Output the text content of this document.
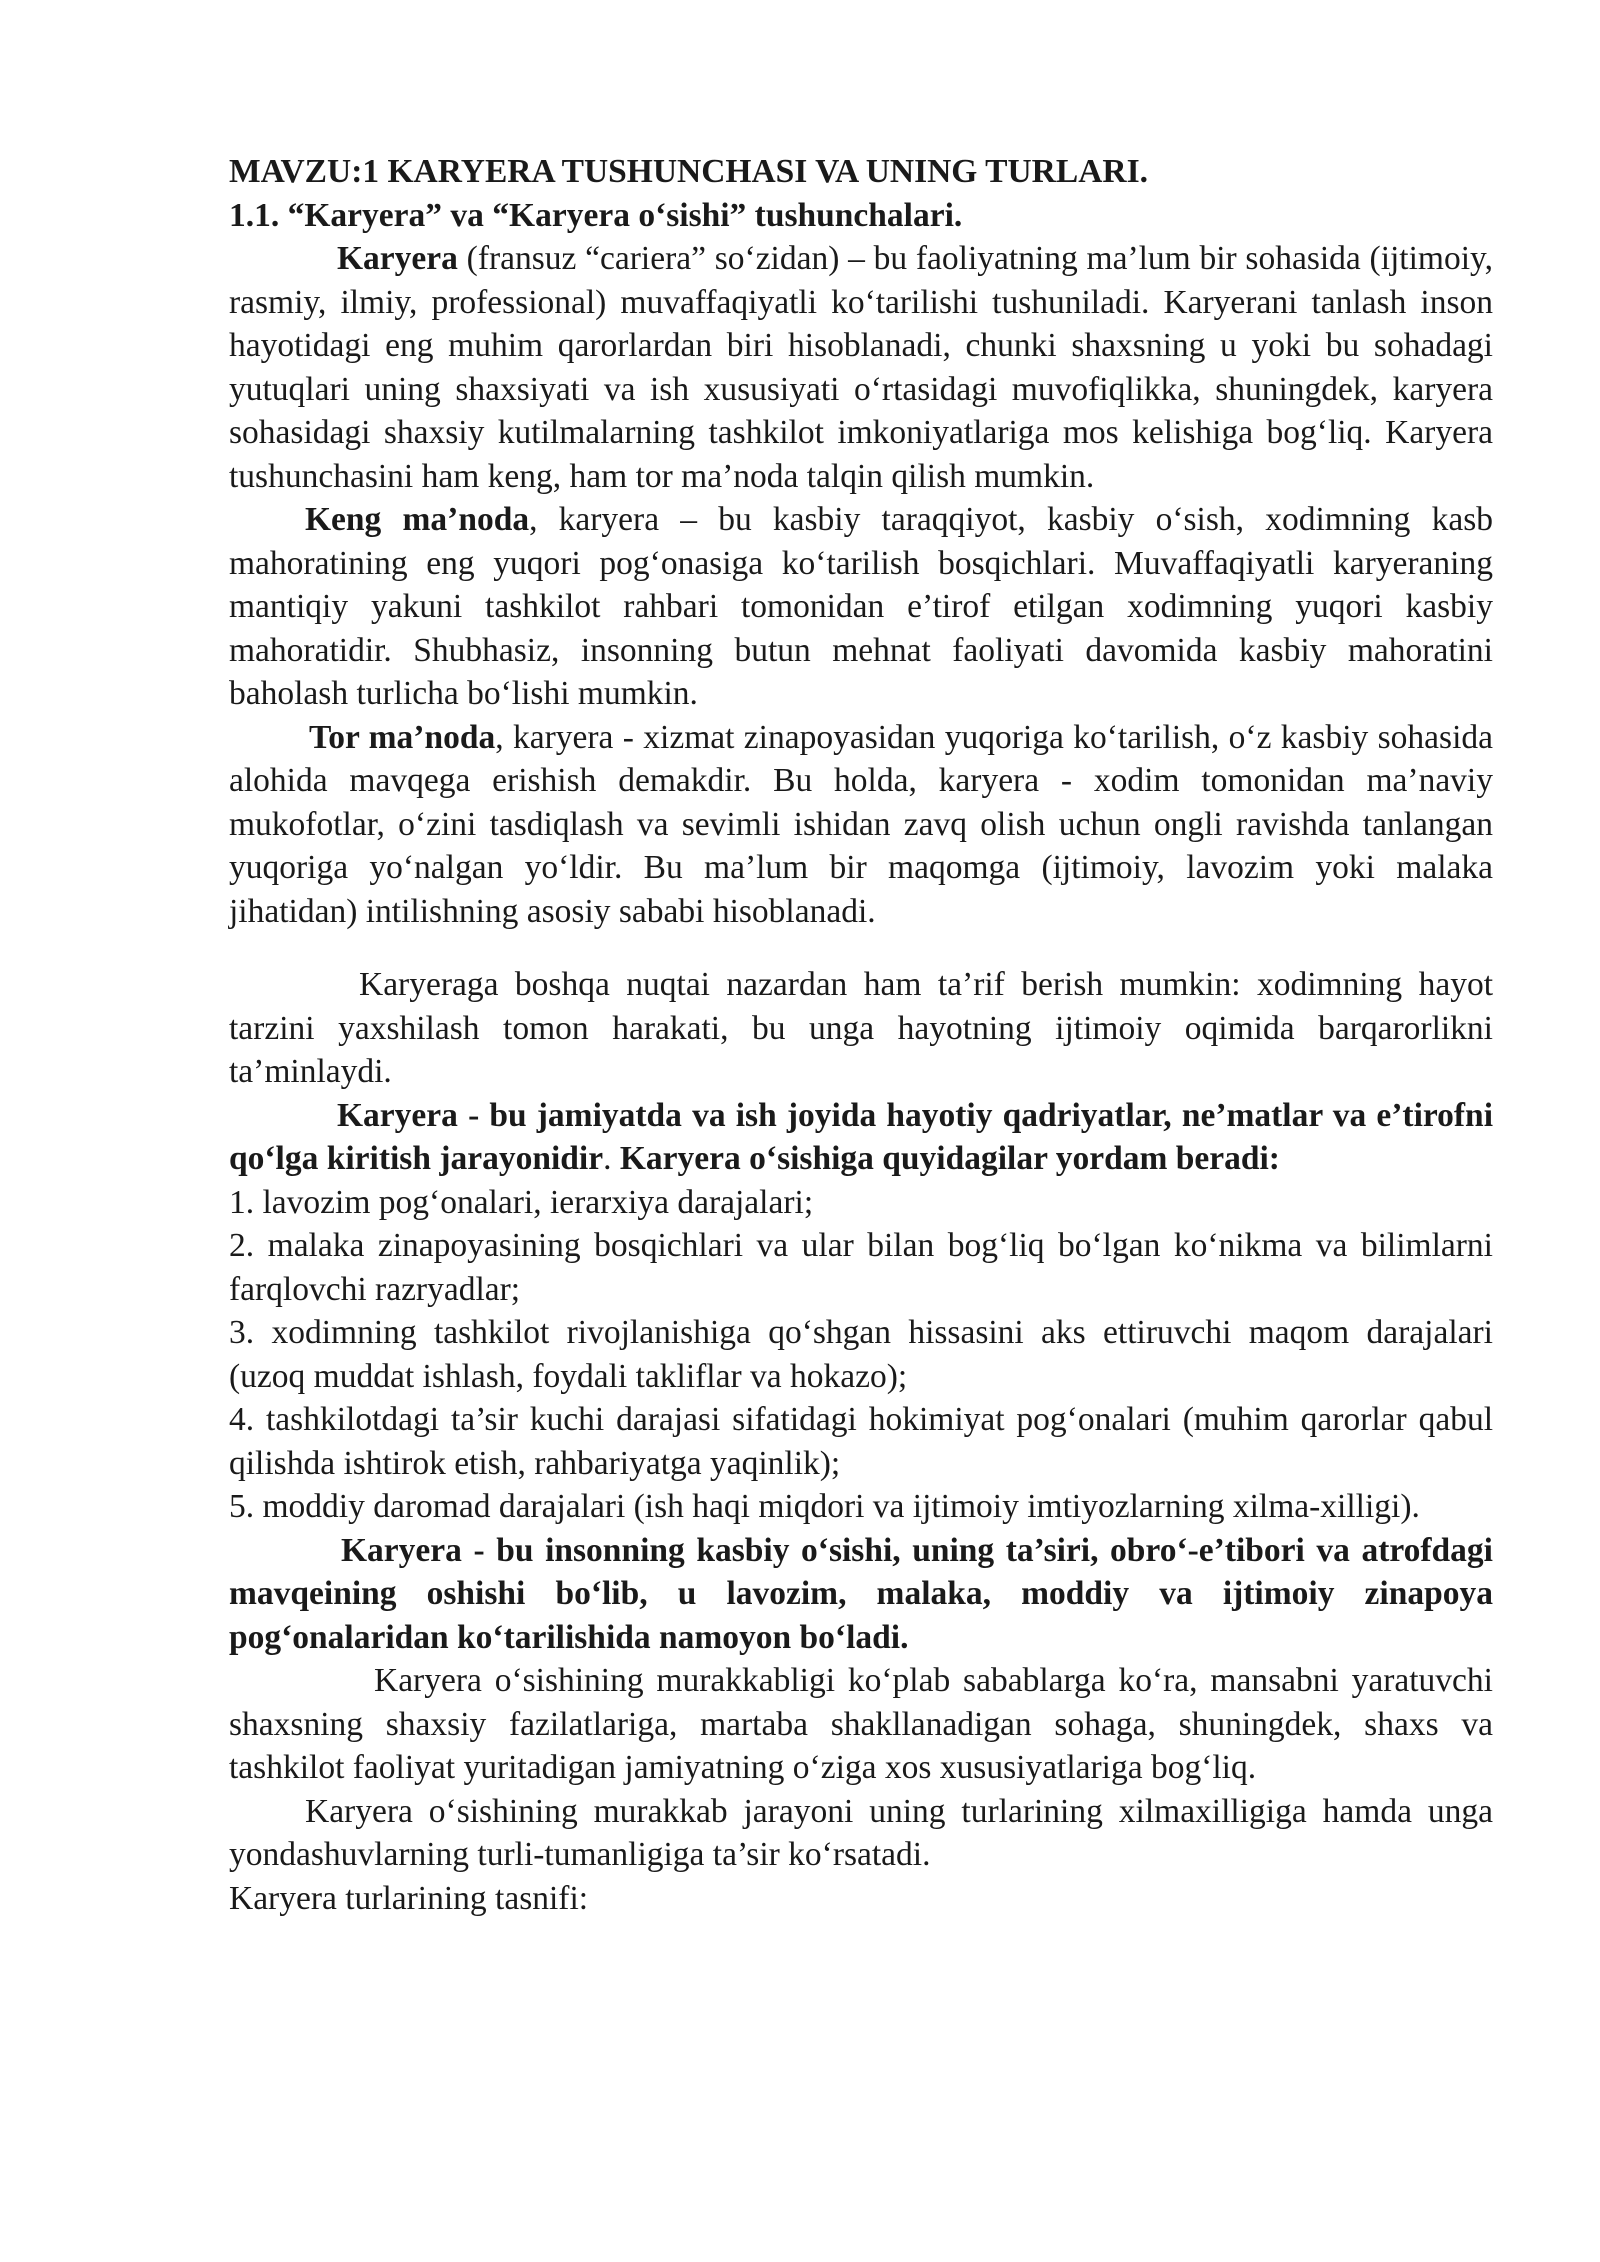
MAVZU:1 KARYERA TUSHUNCHASI VA UNING TURLARI.

1.1. “Karyera” va “Karyera o‘sishi” tushunchalari.

Karyera (fransuz “cariera” so‘zidan) – bu faoliyatning ma’lum bir sohasida (ijtimoiy, rasmiy, ilmiy, professional) muvaffaqiyatli ko‘tarilishi tushuniladi. Karyerani tanlash inson hayotidagi eng muhim qarorlardan biri hisoblanadi, chunki shaxsning u yoki bu sohadagi yutuqlari uning shaxsiyati va ish xususiyati o‘rtasidagi muvofiqlikka, shuningdek, karyera sohasidagi shaxsiy kutilmalarning tashkilot imkoniyatlariga mos kelishiga bog‘liq. Karyera tushunchasini ham keng, ham tor ma’noda talqin qilish mumkin.

Keng ma’noda, karyera – bu kasbiy taraqqiyot, kasbiy o‘sish, xodimning kasb mahoratining eng yuqori pog‘onasiga ko‘tarilish bosqichlari. Muvaffaqiyatli karyeraning mantiqiy yakuni tashkilot rahbari tomonidan e’tirof etilgan xodimning yuqori kasbiy mahoratidir. Shubhasiz, insonning butun mehnat faoliyati davomida kasbiy mahoratini baholash turlicha bo‘lishi mumkin.

Tor ma’noda, karyera - xizmat zinapoyasidan yuqoriga ko‘tarilish, o‘z kasbiy sohasida alohida mavqega erishish demakdir. Bu holda, karyera - xodim tomonidan ma’naviy mukofotlar, o‘zini tasdiqlash va sevimli ishidan zavq olish uchun ongli ravishda tanlangan yuqoriga yo‘nalgan yo‘ldir. Bu ma’lum bir maqomga (ijtimoiy, lavozim yoki malaka jihatidan) intilishning asosiy sababi hisoblanadi.

Karyeraga boshqa nuqtai nazardan ham ta’rif berish mumkin: xodimning hayot tarzini yaxshilash tomon harakati, bu unga hayotning ijtimoiy oqimida barqarorlikni ta’minlaydi.

Karyera - bu jamiyatda va ish joyida hayotiy qadriyatlar, ne’matlar va e’tirofni qo‘lga kiritish jarayonidir. Karyera o‘sishiga quyidagilar yordam beradi:

1. lavozim pog‘onalari, ierarxiya darajalari;

2. malaka zinapoyasining bosqichlari va ular bilan bog‘liq bo‘lgan ko‘nikma va bilimlarni farqlovchi razryadlar;

3. xodimning tashkilot rivojlanishiga qo‘shgan hissasini aks ettiruvchi maqom darajalari (uzoq muddat ishlash, foydali takliflar va hokazo);

4. tashkilotdagi ta’sir kuchi darajasi sifatidagi hokimiyat pog‘onalari (muhim qarorlar qabul qilishda ishtirok etish, rahbariyatga yaqinlik);

5. moddiy daromad darajalari (ish haqi miqdori va ijtimoiy imtiyozlarning xilma-xilligi).

Karyera - bu insonning kasbiy o‘sishi, uning ta’siri, obro‘-e’tibori va atrofdagi mavqeining oshishi bo‘lib, u lavozim, malaka, moddiy va ijtimoiy zinapoya pog‘onalaridan ko‘tarilishida namoyon bo‘ladi.

Karyera o‘sishining murakkabligi ko‘plab sabablarga ko‘ra, mansabni yaratuvchi shaxsning shaxsiy fazilatlariga, martaba shakllanadigan sohaga, shuningdek, shaxs va tashkilot faoliyat yuritadigan jamiyatning o‘ziga xos xususiyatlariga bog‘liq.

Karyera o‘sishining murakkab jarayoni uning turlarining xilmaxilligiga hamda unga yondashuvlarning turli-tumanligiga ta’sir ko‘rsatadi.

Karyera turlarining tasnifi:
